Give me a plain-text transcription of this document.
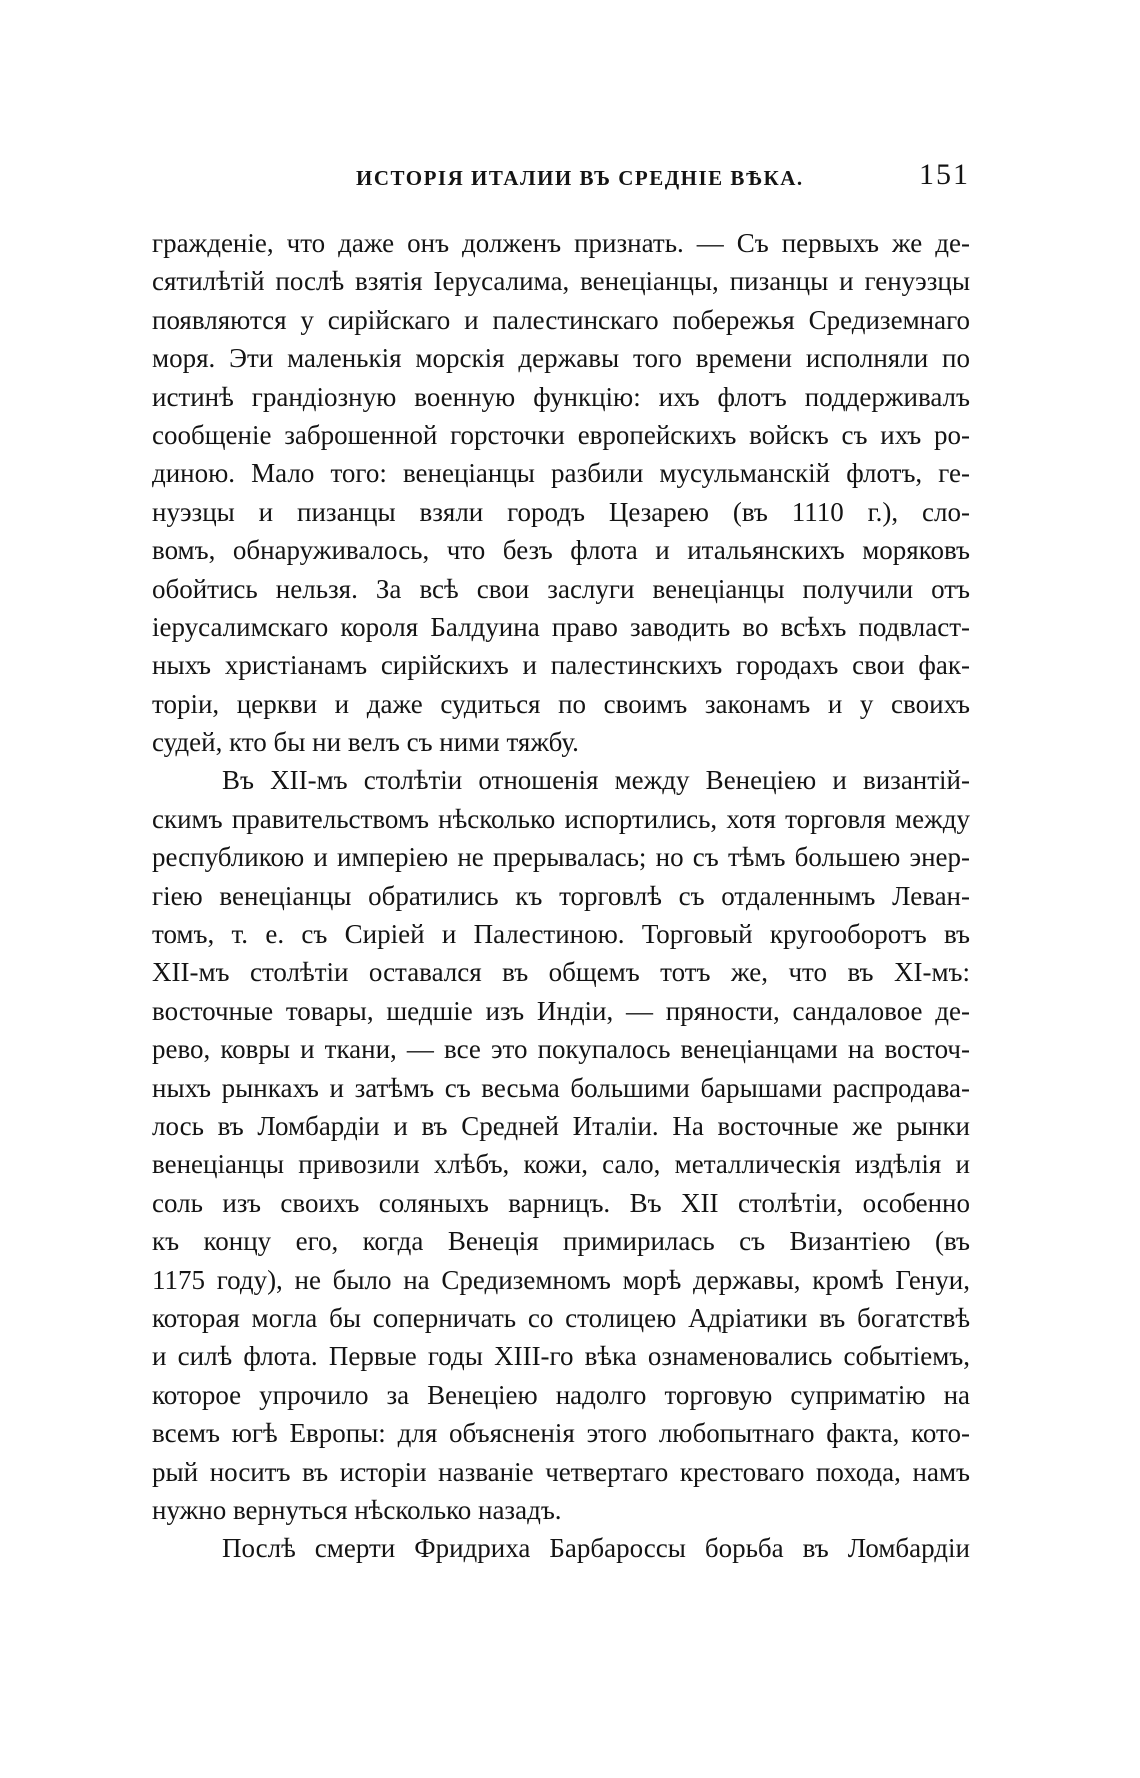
ИСТОРІЯ ИТАЛИИ ВЪ СРЕДНІЕ ВѢКА.	151
гражденіе, что даже онъ долженъ признать. — Съ первыхъ же де-
сятилѣтій послѣ взятія Іерусалима, венеціанцы, пизанцы и генуэзцы
появляются у сирійскаго и палестинскаго побережья Средиземнаго
моря. Эти маленькія морскія державы того времени исполняли по
истинѣ грандіозную военную функцію: ихъ флотъ поддерживалъ
сообщеніе заброшенной горсточки европейскихъ войскъ съ ихъ ро-
диною. Мало того: венеціанцы разбили мусульманскій флотъ, ге-
нуэзцы и пизанцы взяли городъ Цезарею (въ 1110 г.), сло-
вомъ, обнаруживалось, что безъ флота и итальянскихъ моряковъ
обойтись нельзя. За всѣ свои заслуги венеціанцы получили отъ
іерусалимскаго короля Балдуина право заводить во всѣхъ подвласт-
ныхъ христіанамъ сирійскихъ и палестинскихъ городахъ свои фак-
торіи, церкви и даже судиться по своимъ законамъ и у своихъ
судей, кто бы ни велъ съ ними тяжбу.
Въ XII-мъ столѣтіи отношенія между Венеціею и византій-
скимъ правительствомъ нѣсколько испортились, хотя торговля между
республикою и имперіею не прерывалась; но съ тѣмъ большею энер-
гіею венеціанцы обратились къ торговлѣ съ отдаленнымъ Леван-
томъ, т. е. съ Сиріей и Палестиною. Торговый кругооборотъ въ
XII-мъ столѣтіи оставался въ общемъ тотъ же, что въ XI-мъ:
восточные товары, шедшіе изъ Индіи, — пряности, сандаловое де-
рево, ковры и ткани, — все это покупалось венеціанцами на восточ-
ныхъ рынкахъ и затѣмъ съ весьма большими барышами распродава-
лось въ Ломбардіи и въ Средней Италіи. На восточные же рынки
венеціанцы привозили хлѣбъ, кожи, сало, металлическія издѣлія и
соль изъ своихъ соляныхъ варницъ. Въ XII столѣтіи, особенно
къ концу его, когда Венеція примирилась съ Византіею (въ
1175 году), не было на Средиземномъ морѣ державы, кромѣ Генуи,
которая могла бы соперничать со столицею Адріатики въ богатствѣ
и силѣ флота. Первые годы XIII-го вѣка ознаменовались событіемъ,
которое упрочило за Венеціею надолго торговую суприматію на
всемъ югѣ Европы: для объясненія этого любопытнаго факта, кото-
рый носитъ въ исторіи названіе четвертаго крестоваго похода, намъ
нужно вернуться нѣсколько назадъ.
Послѣ смерти Фридриха Барбароссы борьба въ Ломбардіи
